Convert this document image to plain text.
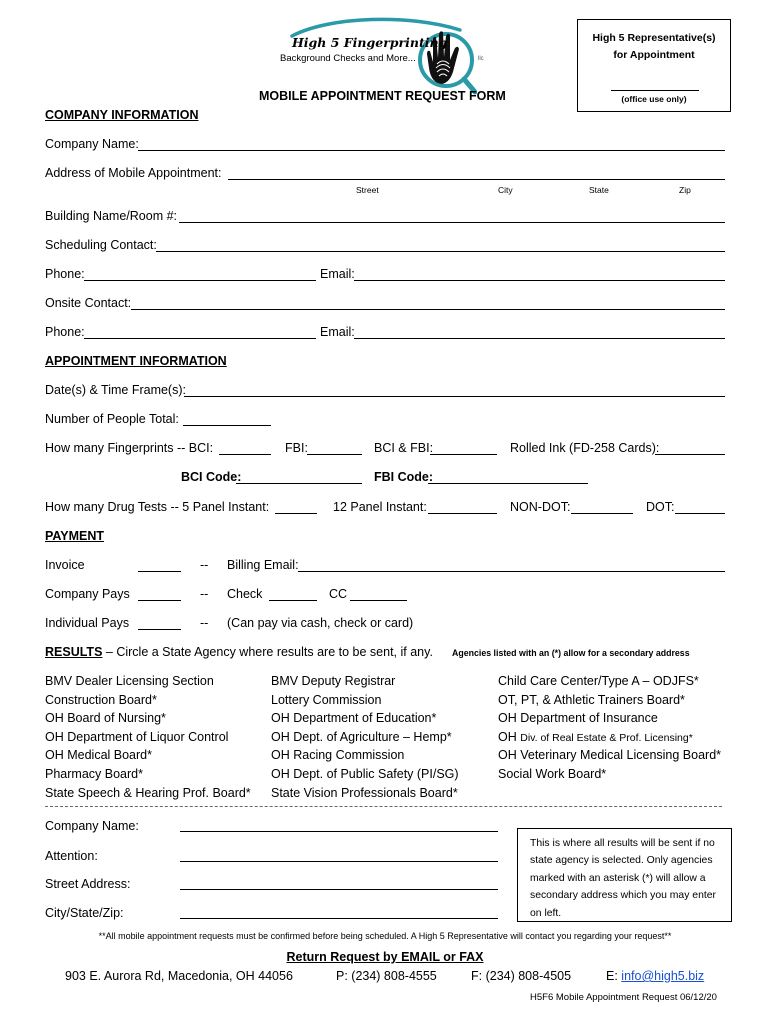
High 5 Fingerprinting
Background Checks and More...	llc
High 5 Representative(s)
for Appointment
(office use only)
MOBILE APPOINTMENT REQUEST FORM
COMPANY INFORMATION
Company Name:
Address of Mobile Appointment:
Street	City	State	Zip
Building Name/Room #:
Scheduling Contact:
Phone:	Email:
Onsite Contact:
Phone:	Email:
APPOINTMENT INFORMATION
Date(s) & Time Frame(s):
Number of People Total:
How many Fingerprints -- BCI:	FBI:	BCI & FBI:	Rolled Ink (FD-258 Cards):
BCI Code:	FBI Code:
How many Drug Tests -- 5 Panel Instant:	12 Panel Instant:	NON-DOT:	DOT:
PAYMENT
Invoice	-- Billing Email:
Company Pays	-- Check	CC
Individual Pays	-- (Can pay via cash, check or card)
RESULTS – Circle a State Agency where results are to be sent, if any. Agencies listed with an (*) allow for a secondary address
BMV Dealer Licensing Section
Construction Board*
OH Board of Nursing*
OH Department of Liquor Control
OH Medical Board*
Pharmacy Board*
State Speech & Hearing Prof. Board*
BMV Deputy Registrar
Lottery Commission
OH Department of Education*
OH Dept. of Agriculture – Hemp*
OH Racing Commission
OH Dept. of Public Safety (PI/SG)
State Vision Professionals Board*
Child Care Center/Type A – ODJFS*
OT, PT, & Athletic Trainers Board*
OH Department of Insurance
OH Div. of Real Estate & Prof. Licensing*
OH Veterinary Medical Licensing Board*
Social Work Board*
Company Name:
Attention:
Street Address:
City/State/Zip:
This is where all results will be sent if no state agency is selected. Only agencies marked with an asterisk (*) will allow a secondary address which you may enter on left.
**All mobile appointment requests must be confirmed before being scheduled. A High 5 Representative will contact you regarding your request**
Return Request by EMAIL or FAX
903 E. Aurora Rd, Macedonia, OH 44056	P: (234) 808-4555	F: (234) 808-4505	E: info@high5.biz
H5F6 Mobile Appointment Request 06/12/20
